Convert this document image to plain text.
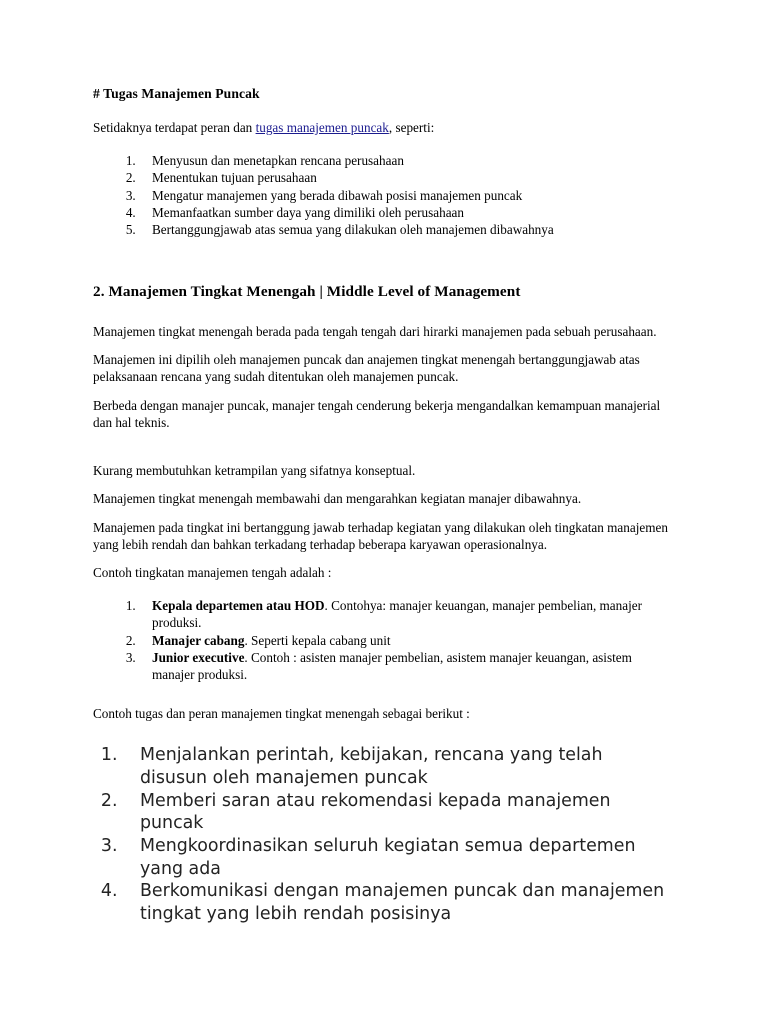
# Tugas Manajemen Puncak

Setidaknya terdapat peran dan tugas manajemen puncak, seperti:

1. Menyusun dan menetapkan rencana perusahaan
2. Menentukan tujuan perusahaan
3. Mengatur manajemen yang berada dibawah posisi manajemen puncak
4. Memanfaatkan sumber daya yang dimiliki oleh perusahaan
5. Bertanggungjawab atas semua yang dilakukan oleh manajemen dibawahnya
2. Manajemen Tingkat Menengah | Middle Level of Management

Manajemen tingkat menengah berada pada tengah tengah dari hirarki manajemen pada sebuah perusahaan.

Manajemen ini dipilih oleh manajemen puncak dan anajemen tingkat menengah bertanggungjawab atas pelaksanaan rencana yang sudah ditentukan oleh manajemen puncak.

Berbeda dengan manajer puncak, manajer tengah cenderung bekerja mengandalkan kemampuan manajerial dan hal teknis.

Kurang membutuhkan ketrampilan yang sifatnya konseptual.

Manajemen tingkat menengah membawahi dan mengarahkan kegiatan manajer dibawahnya.

Manajemen pada tingkat ini bertanggung jawab terhadap kegiatan yang dilakukan oleh tingkatan manajemen yang lebih rendah dan bahkan terkadang terhadap beberapa karyawan operasionalnya.

Contoh tingkatan manajemen tengah adalah :

1. Kepala departemen atau HOD. Contohya: manajer keuangan, manajer pembelian, manajer produksi.
2. Manajer cabang. Seperti kepala cabang unit
3. Junior executive. Contoh : asisten manajer pembelian, asistem manajer keuangan, asistem manajer produksi.

Contoh tugas dan peran manajemen tingkat menengah sebagai berikut :

1. Menjalankan perintah, kebijakan, rencana yang telah disusun oleh manajemen puncak
2. Memberi saran atau rekomendasi kepada manajemen puncak
3. Mengkoordinasikan seluruh kegiatan semua departemen yang ada
4. Berkomunikasi dengan manajemen puncak dan manajemen tingkat yang lebih rendah posisinya
